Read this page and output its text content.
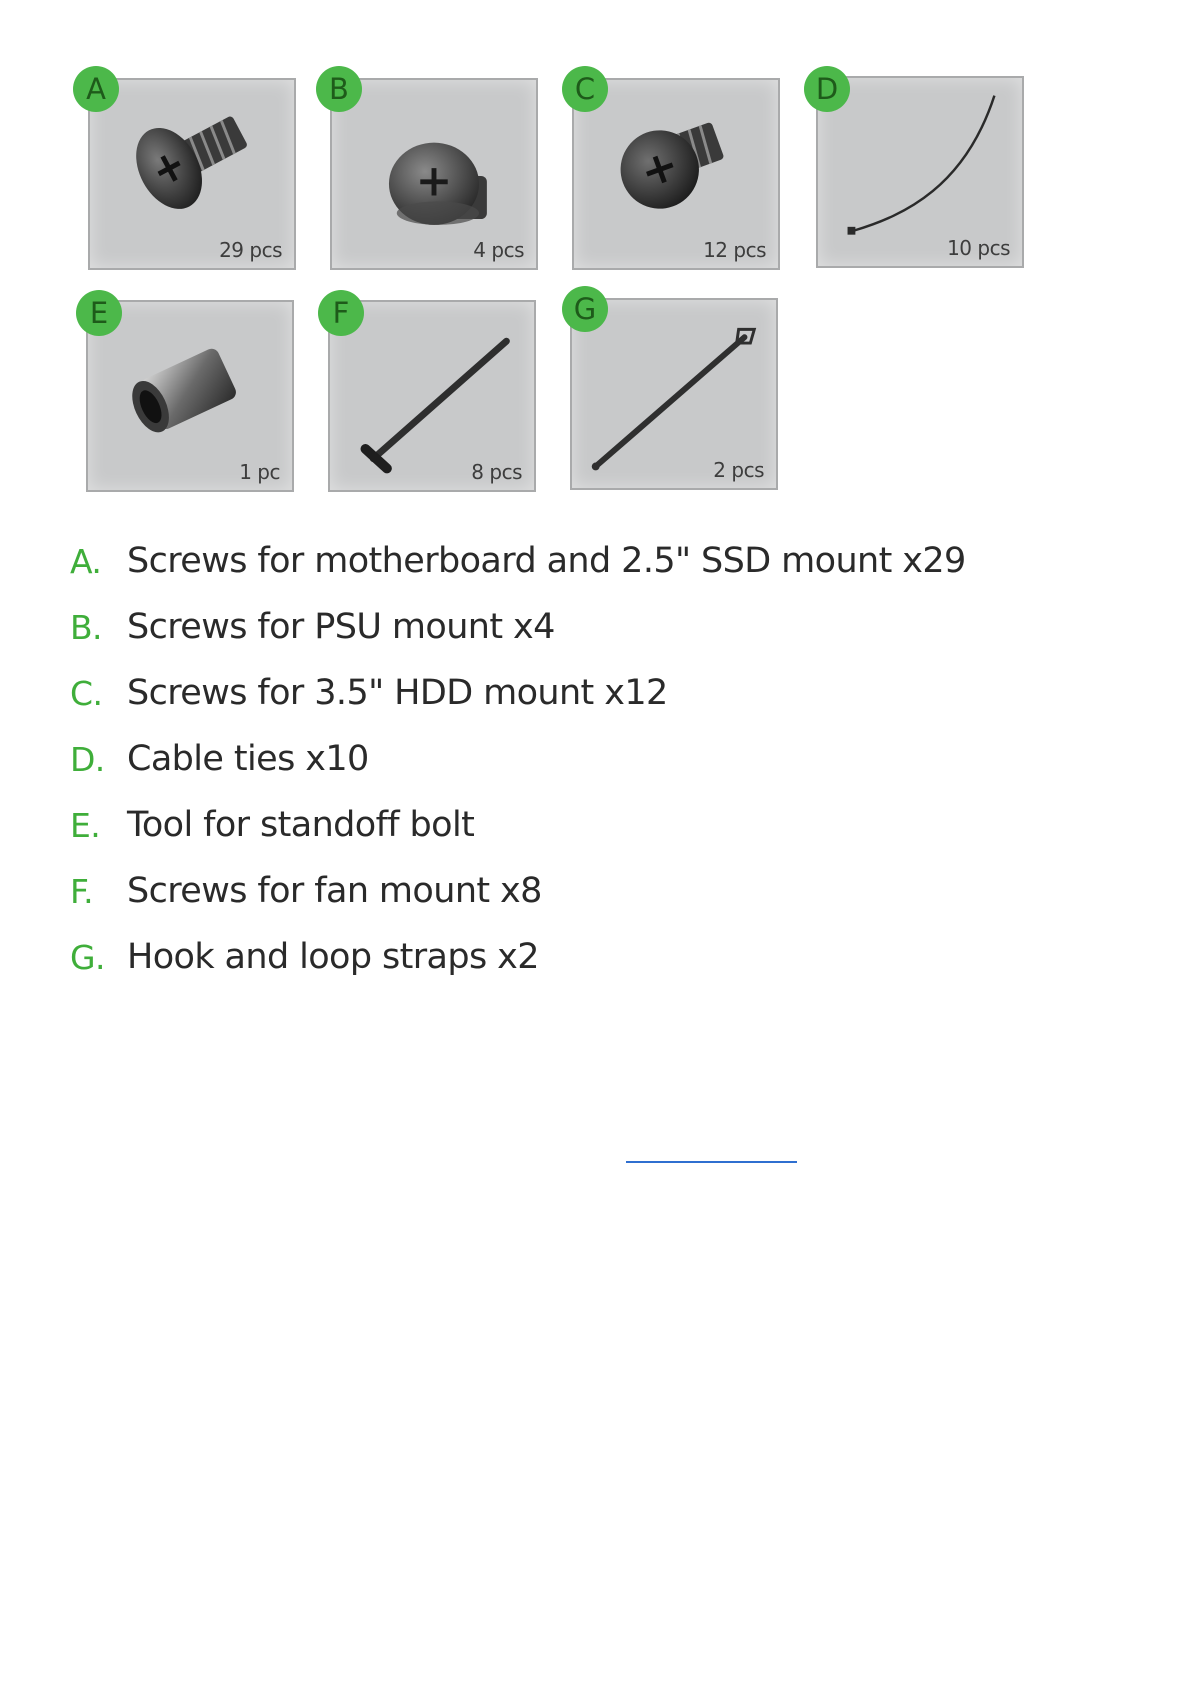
29 pcs
A
4 pcs
B
12 pcs
C
10 pcs
D
1 pc
E
8 pcs
F
2 pcs
G
A. Screws for motherboard and 2.5" SSD mount x29
B. Screws for PSU mount x4
C. Screws for 3.5" HDD mount x12
D. Cable ties x10
E. Tool for standoff bolt
F. Screws for fan mount x8
G. Hook and loop straps x2
